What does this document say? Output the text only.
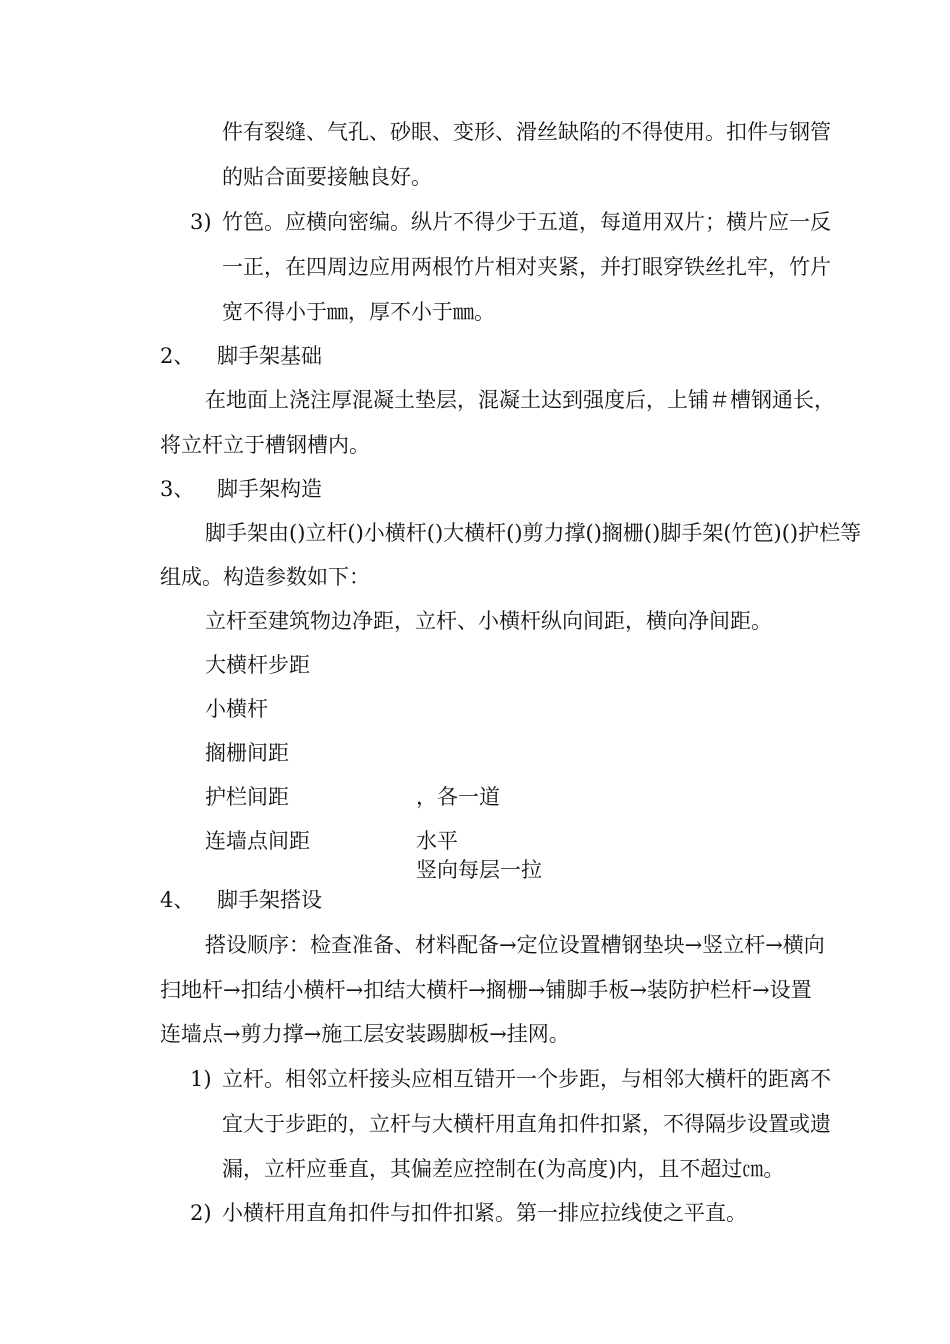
件有裂缝、气孔、砂眼、变形、滑丝缺陷的不得使用。扣件与钢管
的贴合面要接触良好。
3) 竹笆。应横向密编。纵片不得少于五道，每道用双片；横片应一反
一正，在四周边应用两根竹片相对夹紧，并打眼穿铁丝扎牢，竹片
宽不得小于㎜，厚不小于㎜。
2、 脚手架基础
在地面上浇注厚混凝土垫层，混凝土达到强度后，上铺＃槽钢通长，
将立杆立于槽钢槽内。
3、 脚手架构造
脚手架由()立杆()小横杆()大横杆()剪力撑()搁栅()脚手架(竹笆)()护栏等
组成。构造参数如下：
立杆至建筑物边净距，立杆、小横杆纵向间距，横向净间距。
大横杆步距
小横杆
搁栅间距
护栏间距	，各一道
连墙点间距	水平
竖向每层一拉
4、 脚手架搭设
搭设顺序：检查准备、材料配备→定位设置槽钢垫块→竖立杆→横向
扫地杆→扣结小横杆→扣结大横杆→搁栅→铺脚手板→装防护栏杆→设置
连墙点→剪力撑→施工层安装踢脚板→挂网。
1) 立杆。相邻立杆接头应相互错开一个步距，与相邻大横杆的距离不
宜大于步距的，立杆与大横杆用直角扣件扣紧，不得隔步设置或遗
漏，立杆应垂直，其偏差应控制在(为高度)内，且不超过㎝。
2) 小横杆用直角扣件与扣件扣紧。第一排应拉线使之平直。
